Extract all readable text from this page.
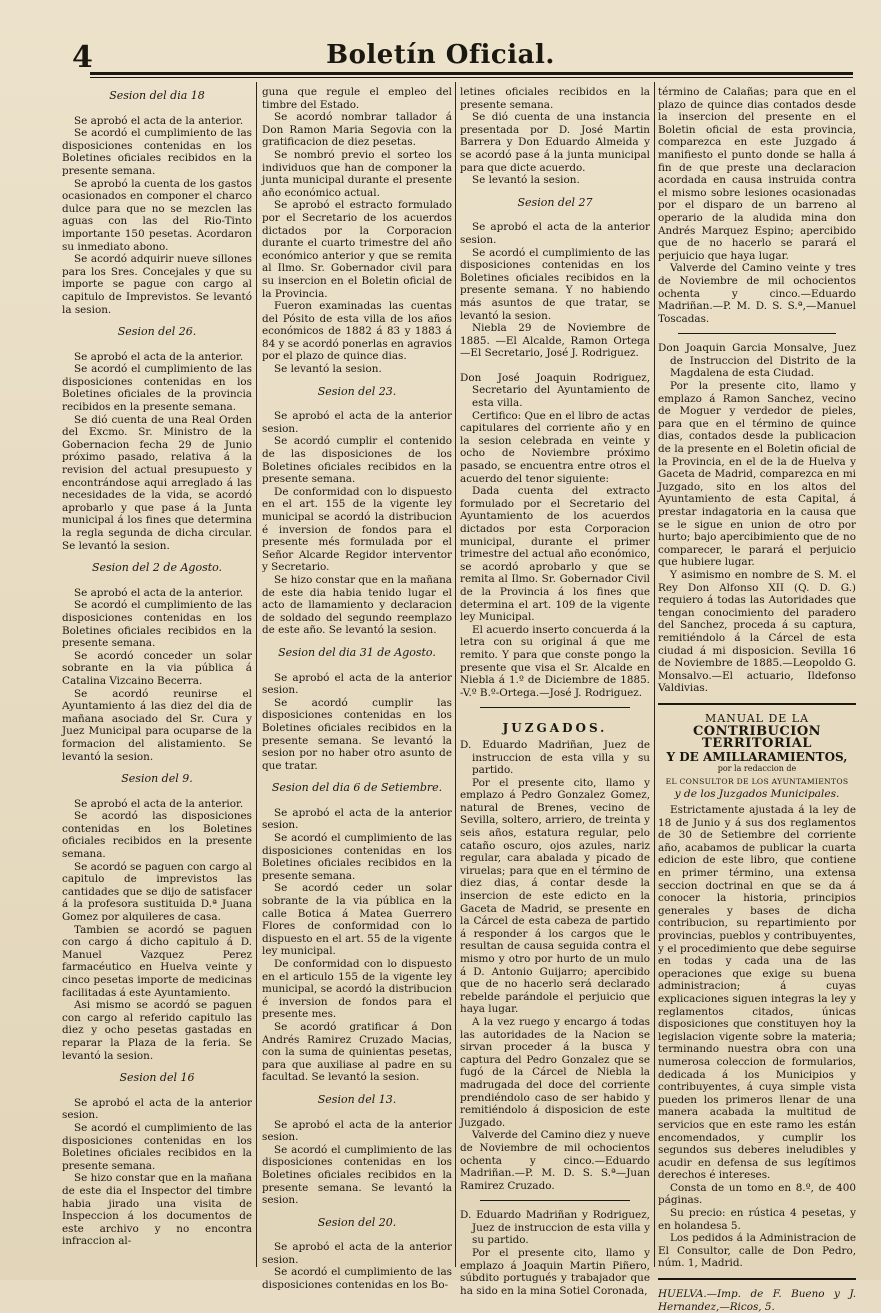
4	Boletín Oficial.
Sesion del dia 18

Se aprobó el acta de la anterior.

Se acordó el cumplimiento de las disposiciones contenidas en los Boletines oficiales recibidos en la presente semana.

Se aprobó la cuenta de los gastos ocasionados en componer el charco dulce para que no se mezclen las aguas con las del Rio-Tinto importante 150 pesetas. Acordaron su inmediato abono.

Se acordó adquirir nueve sillones para los Sres. Concejales y que su importe se pague con cargo al capitulo de Imprevistos. Se levantó la sesion.

Sesion del 26.

Se aprobó el acta de la anterior.

Se acordó el cumplimiento de las disposiciones contenidas en los Boletines oficiales de la provincia recibidos en la presente semana.

Se dió cuenta de una Real Orden del Excmo. Sr. Ministro de la Gobernacion fecha 29 de Junio próximo pasado, relativa á la revision del actual presupuesto y encontrándose aqui arreglado á las necesidades de la vida, se acordó aprobarlo y que pase á la Junta municipal á los fines que determina la regla segunda de dicha circular. Se levantó la sesion.

Sesion del 2 de Agosto.

Se aprobó el acta de la anterior.

Se acordó el cumplimiento de las disposiciones contenidas en los Boletines oficiales recibidos en la presente semana.

Se acordó conceder un solar sobrante en la via pública á Catalina Vizcaino Becerra.

Se acordó reunirse el Ayuntamiento á las diez del dia de mañana asociado del Sr. Cura y Juez Municipal para ocuparse de la formacion del alistamiento. Se levantó la sesion.

Sesion del 9.

Se aprobó el acta de la anterior.

Se acordó las disposiciones contenidas en los Boletines oficiales recibidos en la presente semana.

Se acordó se paguen con cargo al capitulo de imprevistos las cantidades que se dijo de satisfacer á la profesora sustituida D.ª Juana Gomez por alquileres de casa.

Tambien se acordó se paguen con cargo á dicho capitulo á D. Manuel Vazquez Perez farmacéutico en Huelva veinte y cinco pesetas importe de medicinas facilitadas á este Ayuntamiento.

Asi mismo se acordó se paguen con cargo al referido capitulo las diez y ocho pesetas gastadas en reparar la Plaza de la feria. Se levantó la sesion.

Sesion del 16

Se aprobó el acta de la anterior sesion.

Se acordó el cumplimiento de las disposiciones contenidas en los Boletines oficiales recibidos en la presente semana.

Se hizo constar que en la mañana de este dia el Inspector del timbre habia jirado una visita de Inspeccion á los documentos de este archivo y no encontra infraccion al-

guna que regule el empleo del timbre del Estado.

Se acordó nombrar tallador á Don Ramon Maria Segovia con la gratificacion de diez pesetas.

Se nombró previo el sorteo los individuos que han de componer la junta municipal durante el presente año económico actual.

Se aprobó el estracto formulado por el Secretario de los acuerdos dictados por la Corporacion durante el cuarto trimestre del año económico anterior y que se remita al Ilmo. Sr. Gobernador civil para su insercion en el Boletin oficial de la Provincia.

Fueron examinadas las cuentas del Pósito de esta villa de los años económicos de 1882 á 83 y 1883 á 84 y se acordó ponerlas en agravios por el plazo de quince dias.

Se levantó la sesion.

Sesion del 23.

Se aprobó el acta de la anterior sesion.

Se acordó cumplir el contenido de las disposiciones de los Boletines oficiales recibidos en la presente semana.

De conformidad con lo dispuesto en el art. 155 de la vigente ley municipal se acordó la distribucion é inversion de fondos para el presente més formulada por el Señor Alcarde Regidor interventor y Secretario.

Se hizo constar que en la mañana de este dia habia tenido lugar el acto de llamamiento y declaracion de soldado del segundo reemplazo de este año. Se levantó la sesion.

Sesion del dia 31 de Agosto.

Se aprobó el acta de la anterior sesion.

Se acordó cumplir las disposiciones contenidas en los Boletines oficiales recibidos en la presente semana. Se levantó la sesion por no haber otro asunto de que tratar.

Sesion del dia 6 de Setiembre.

Se aprobó el acta de la anterior sesion.

Se acordó el cumplimiento de las disposiciones contenidas en los Boletines oficiales recibidos en la presente semana.

Se acordó ceder un solar sobrante de la via pública en la calle Botica á Matea Guerrero Flores de conformidad con lo dispuesto en el art. 55 de la vigente ley municipal.

De conformidad con lo dispuesto en el articulo 155 de la vigente ley municipal, se acordó la distribucion é inversion de fondos para el presente mes.

Se acordó gratificar á Don Andrés Ramirez Cruzado Macias, con la suma de quinientas pesetas, para que auxiliase al padre en su facultad. Se levantó la sesion.

Sesion del 13.

Se aprobó el acta de la anterior sesion.

Se acordó el cumplimiento de las disposiciones contenidas en los Boletines oficiales recibidos en la presente semana. Se levantó la sesion.

Sesion del 20.

Se aprobó el acta de la anterior sesion.

Se acordó el cumplimiento de las disposiciones contenidas en los Bo-

letines oficiales recibidos en la presente semana.

Se dió cuenta de una instancia presentada por D. José Martin Barrera y Don Eduardo Almeida y se acordó pase á la junta municipal para que dicte acuerdo.

Se levantó la sesion.

Sesion del 27

Se aprobó el acta de la anterior sesion.

Se acordó el cumplimiento de las disposiciones contenidas en los Boletines oficiales recibidos en la presente semana. Y no habiendo más asuntos de que tratar, se levantó la sesion.

Niebla 29 de Noviembre de 1885. —El Alcalde, Ramon Ortega —El Secretario, José J. Rodriguez.

Don José Joaquin Rodriguez, Secretario del Ayuntamiento de esta villa.

Certifico: Que en el libro de actas capitulares del corriente año y en la sesion celebrada en veinte y ocho de Noviembre próximo pasado, se encuentra entre otros el acuerdo del tenor siguiente:

Dada cuenta del extracto formulado por el Secretario del Ayuntamiento de los acuerdos dictados por esta Corporacion municipal, durante el primer trimestre del actual año económico, se acordó aprobarlo y que se remita al Ilmo. Sr. Gobernador Civil de la Provincia á los fines que determina el art. 109 de la vigente ley Municipal.

El acuerdo inserto concuerda á la letra con su original á que me remito. Y para que conste pongo la presente que visa el Sr. Alcalde en Niebla á 1.º de Diciembre de 1885. -V.º B.º-Ortega.—José J. Rodriguez.

JUZGADOS.

D. Eduardo Madriñan, Juez de instruccion de esta villa y su partido.

Por el presente cito, llamo y emplazo á Pedro Gonzalez Gomez, natural de Brenes, vecino de Sevilla, soltero, arriero, de treinta y seis años, estatura regular, pelo cataño oscuro, ojos azules, nariz regular, cara abalada y picado de viruelas; para que en el término de diez dias, á contar desde la insercion de este edicto en la Gaceta de Madrid, se presente en la Cárcel de esta cabeza de partido á responder á los cargos que le resultan de causa seguida contra el mismo y otro por hurto de un mulo á D. Antonio Guijarro; apercibido que de no hacerlo será declarado rebelde parándole el perjuicio que haya lugar.

A la vez ruego y encargo á todas las autoridades de la Nacion se sirvan proceder á la busca y captura del Pedro Gonzalez que se fugó de la Cárcel de Niebla la madrugada del doce del corriente prendiéndolo caso de ser habido y remitiéndolo á disposicion de este Juzgado.

Valverde del Camino diez y nueve de Noviembre de mil ochocientos ochenta y cinco.—Eduardo Madriñan.—P. M. D. S. S.ª—Juan Ramirez Cruzado.

D. Eduardo Madriñan y Rodriguez, Juez de instruccion de esta villa y su partido.

Por el presente cito, llamo y emplazo á Joaquin Martin Piñero, súbdito portugués y trabajador que ha sido en la mina Sotiel Coronada,

término de Calañas; para que en el plazo de quince dias contados desde la insercion del presente en el Boletin oficial de esta provincia, comparezca en este Juzgado á manifiesto el punto donde se halla á fin de que preste una declaracion acordada en causa instruida contra el mismo sobre lesiones ocasionadas por el disparo de un barreno al operario de la aludida mina don Andrés Marquez Espino; apercibido que de no hacerlo se parará el perjuicio que haya lugar.

Valverde del Camino veinte y tres de Noviembre de mil ochocientos ochenta y cinco.—Eduardo Madriñan.—P. M. D. S. S.ª,—Manuel Toscadas.

Don Joaquin Garcia Monsalve, Juez de Instruccion del Distrito de la Magdalena de esta Ciudad.

Por la presente cito, llamo y emplazo á Ramon Sanchez, vecino de Moguer y verdedor de pieles, para que en el término de quince dias, contados desde la publicacion de la presente en el Boletin oficial de la Provincia, en el de la de Huelva y Gaceta de Madrid, comparezca en mi Juzgado, sito en los altos del Ayuntamiento de esta Capital, á prestar indagatoria en la causa que se le sigue en union de otro por hurto; bajo apercibimiento que de no comparecer, le parará el perjuicio que hubiere lugar.

Y asimismo en nombre de S. M. el Rey Don Alfonso XII (Q. D. G.) requiero á todas las Autoridades que tengan conocimiento del paradero del Sanchez, proceda á su captura, remitiéndolo á la Cárcel de esta ciudad á mi disposicion. Sevilla 16 de Noviembre de 1885.—Leopoldo G. Monsalvo.—El actuario, Ildefonso Valdivias.

MANUAL DE LA
CONTRIBUCION TERRITORIAL
Y DE AMILLARAMIENTOS,
por la redaccion de
EL CONSULTOR DE LOS AYUNTAMIENTOS
y de los Juzgados Municipales.

Estrictamente ajustada á la ley de 18 de Junio y á sus dos reglamentos de 30 de Setiembre del corriente año, acabamos de publicar la cuarta edicion de este libro, que contiene en primer término, una extensa seccion doctrinal en que se da á conocer la historia, principios generales y bases de dicha contribucion, su repartimiento por provincias, pueblos y contribuyentes, y el procedimiento que debe seguirse en todas y cada una de las operaciones que exige su buena administracion; á cuyas explicaciones siguen integras la ley y reglamentos citados, únicas disposiciones que constituyen hoy la legislacion vigente sobre la materia; terminando nuestra obra con una numerosa coleccion de formularios, dedicada á los Municipios y contribuyentes, á cuya simple vista pueden los primeros llenar de una manera acabada la multitud de servicios que en este ramo les están encomendados, y cumplir los segundos sus deberes ineludibles y acudir en defensa de sus legítimos derechos é intereses.

Consta de un tomo en 8.º, de 400 páginas.

Su precio: en rústica 4 pesetas, y en holandesa 5.

Los pedidos á la Administracion de El Consultor, calle de Don Pedro, núm. 1, Madrid.

HUELVA.—Imp. de F. Bueno y J. Hernandez,—Ricos, 5.
